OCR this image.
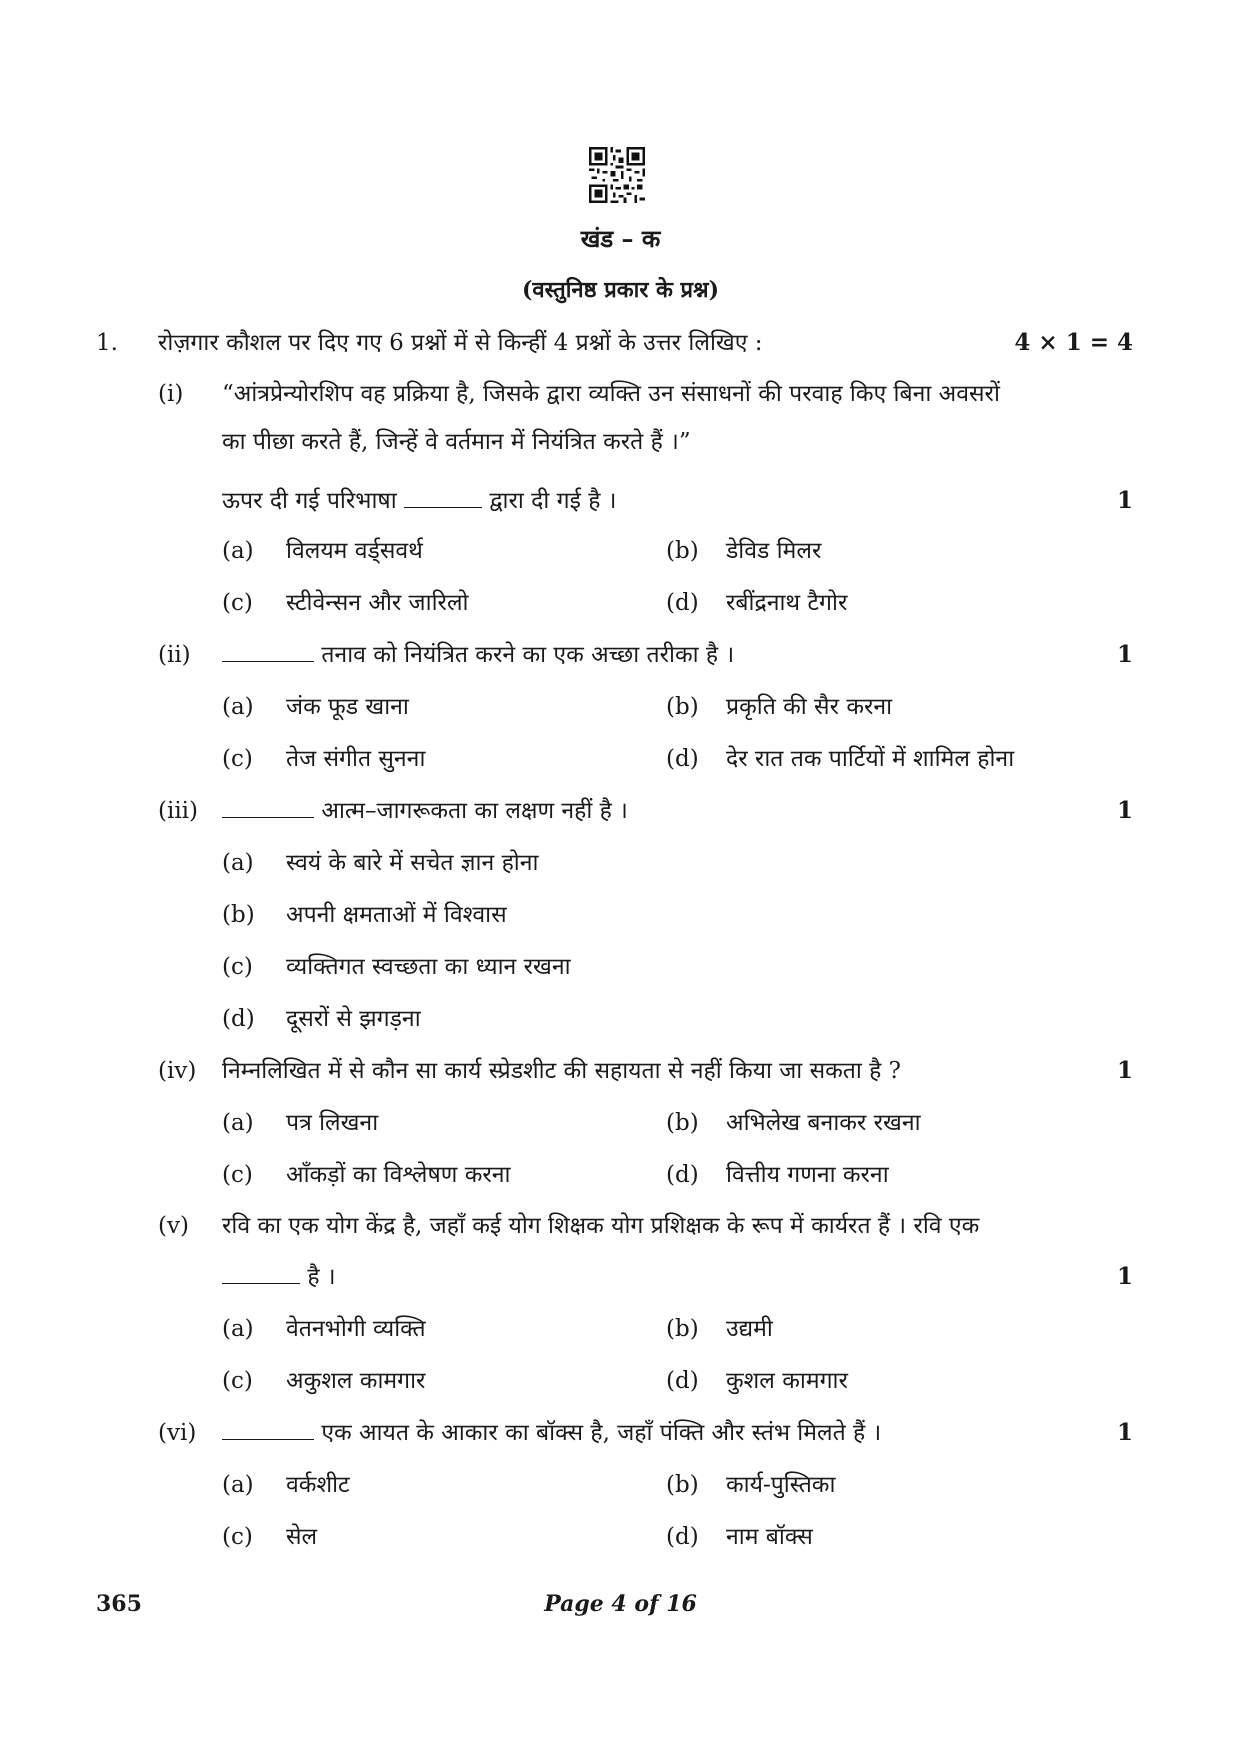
खंड – क
(वस्तुनिष्ठ प्रकार के प्रश्न)
1. रोज़गार कौशल पर दिए गए 6 प्रश्नों में से किन्हीं 4 प्रश्नों के उत्तर लिखिए :	4 × 1 = 4
(i) “आंत्रप्रेन्योरशिप वह प्रक्रिया है, जिसके द्वारा व्यक्ति उन संसाधनों की परवाह किए बिना अवसरों
का पीछा करते हैं, जिन्हें वे वर्तमान में नियंत्रित करते हैं ।”
ऊपर दी गई परिभाषा	द्वारा दी गई है ।	1
(a) विलयम वर्ड्सवर्थ	(b) डेविड मिलर
(c) स्टीवेन्सन और जारिलो	(d) रबींद्रनाथ टैगोर
(ii)	तनाव को नियंत्रित करने का एक अच्छा तरीका है ।	1
(a) जंक फूड खाना	(b) प्रकृति की सैर करना
(c) तेज संगीत सुनना	(d) देर रात तक पार्टियों में शामिल होना
(iii)	आत्म–जागरूकता का लक्षण नहीं है ।	1
(a) स्वयं के बारे में सचेत ज्ञान होना
(b) अपनी क्षमताओं में विश्वास
(c) व्यक्तिगत स्वच्छता का ध्यान रखना
(d) दूसरों से झगड़ना
(iv) निम्नलिखित में से कौन सा कार्य स्प्रेडशीट की सहायता से नहीं किया जा सकता है ?	1
(a) पत्र लिखना	(b) अभिलेख बनाकर रखना
(c) आँकड़ों का विश्लेषण करना	(d) वित्तीय गणना करना
(v) रवि का एक योग केंद्र है, जहाँ कई योग शिक्षक योग प्रशिक्षक के रूप में कार्यरत हैं । रवि एक
है ।	1
(a) वेतनभोगी व्यक्ति	(b) उद्यमी
(c) अकुशल कामगार	(d) कुशल कामगार
(vi)	एक आयत के आकार का बॉक्स है, जहाँ पंक्ति और स्तंभ मिलते हैं ।	1
(a) वर्कशीट	(b) कार्य-पुस्तिका
(c) सेल	(d) नाम बॉक्स
365	Page 4 of 16
